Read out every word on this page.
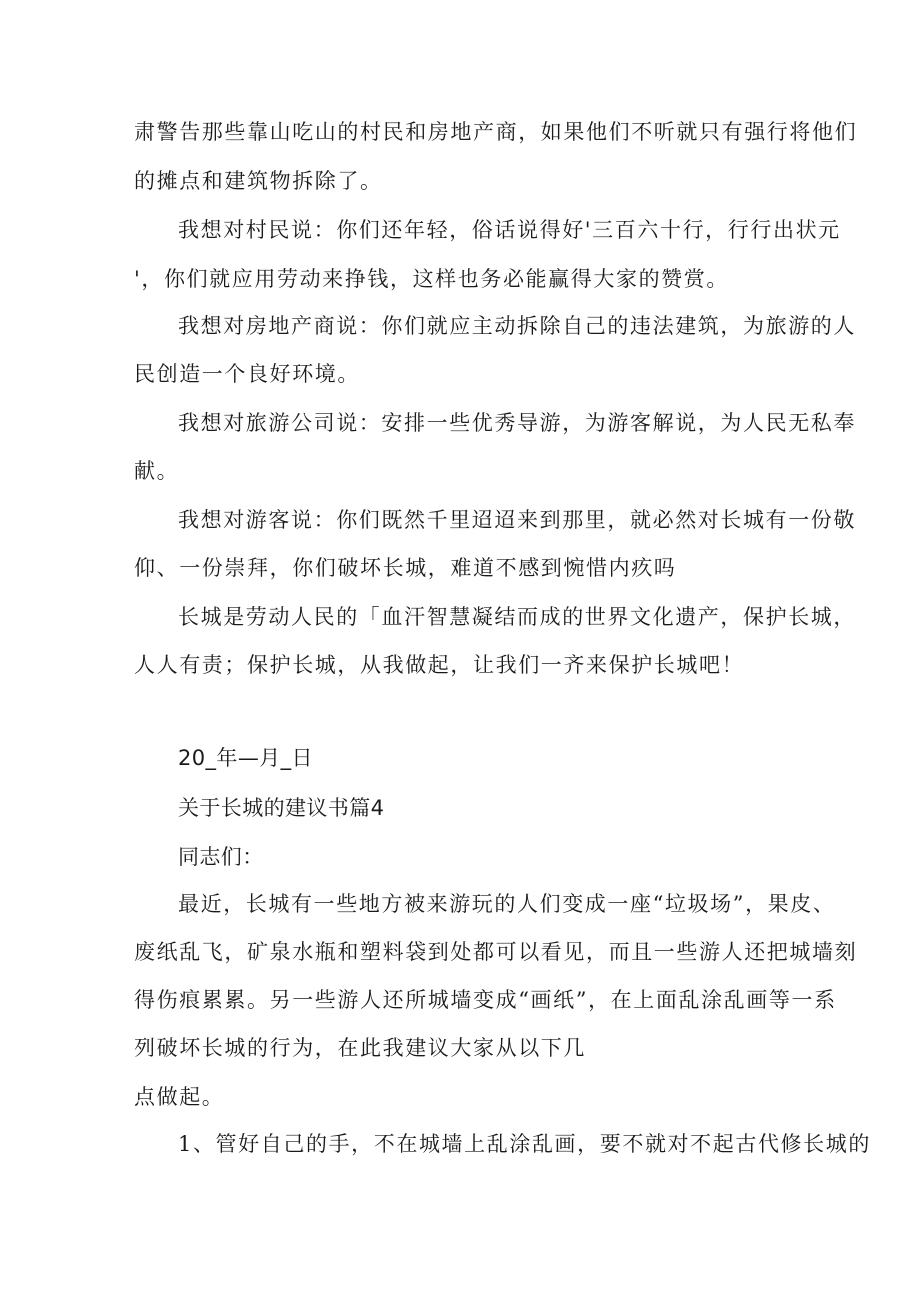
肃警告那些靠山吃山的村民和房地产商，如果他们不听就只有强行将他们
的摊点和建筑物拆除了。
我想对村民说：你们还年轻，俗话说得好'三百六十行，行行出状元
'，你们就应用劳动来挣钱，这样也务必能赢得大家的赞赏。
我想对房地产商说：你们就应主动拆除自己的违法建筑，为旅游的人
民创造一个良好环境。
我想对旅游公司说：安排一些优秀导游，为游客解说，为人民无私奉
献。
我想对游客说：你们既然千里迢迢来到那里，就必然对长城有一份敬
仰、一份崇拜，你们破坏长城，难道不感到惋惜内疚吗
长城是劳动人民的「血汗智慧凝结而成的世界文化遗产，保护长城，
人人有责；保护长城，从我做起，让我们一齐来保护长城吧！
20_年—月_日
关于长城的建议书篇4
同志们：
最近，长城有一些地方被来游玩的人们变成一座“垃圾场”，果皮、
废纸乱飞，矿泉水瓶和塑料袋到处都可以看见，而且一些游人还把城墙刻
得伤痕累累。另一些游人还所城墙变成“画纸”，在上面乱涂乱画等一系
列破坏长城的行为，在此我建议大家从以下几
点做起。
1、管好自己的手，不在城墙上乱涂乱画，要不就对不起古代修长城的
